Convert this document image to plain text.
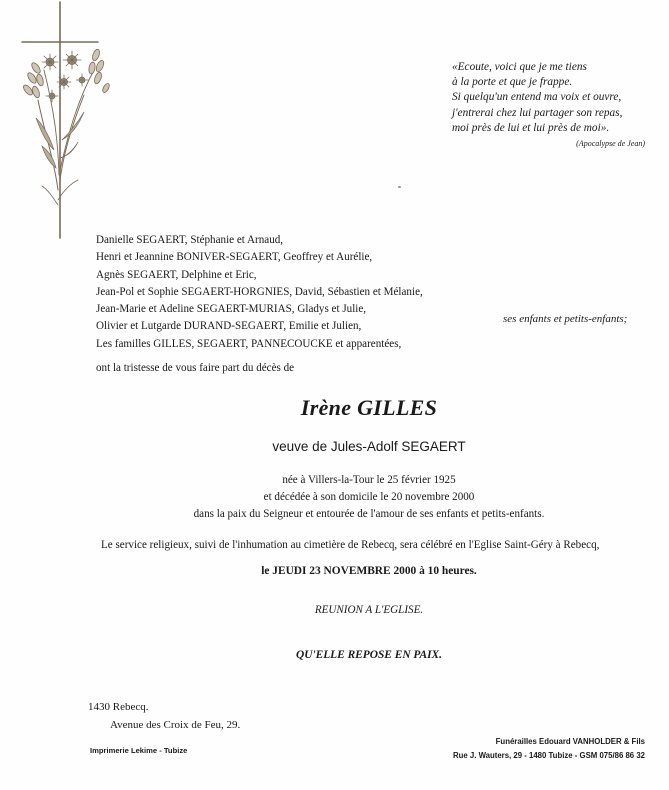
«Ecoute, voici que je me tiens
à la porte et que je frappe.
Si quelqu'un entend ma voix et ouvre,
j'entrerai chez lui partager son repas,
moi près de lui et lui près de moi».
(Apocalypse de Jean)
Danielle SEGAERT, Stéphanie et Arnaud,
Henri et Jeannine BONIVER-SEGAERT, Geoffrey et Aurélie,
Agnès SEGAERT, Delphine et Eric,
Jean-Pol et Sophie SEGAERT-HORGNIES, David, Sébastien et Mélanie,
Jean-Marie et Adeline SEGAERT-MURIAS, Gladys et Julie,
Olivier et Lutgarde DURAND-SEGAERT, Emilie et Julien,
Les familles GILLES, SEGAERT, PANNECOUCKE et apparentées,
ses enfants et petits-enfants;
ont la tristesse de vous faire part du décès de
Irène GILLES
veuve de Jules-Adolf SEGAERT
née à Villers-la-Tour le 25 février 1925
et décédée à son domicile le 20 novembre 2000
dans la paix du Seigneur et entourée de l'amour de ses enfants et petits-enfants.
Le service religieux, suivi de l'inhumation au cimetière de Rebecq, sera célébré en l'Eglise Saint-Géry à Rebecq,
le JEUDI 23 NOVEMBRE 2000 à 10 heures.
REUNION A L'EGLISE.
QU'ELLE REPOSE EN PAIX.
1430 Rebecq.
Avenue des Croix de Feu, 29.
Imprimerie Lekime - Tubize
Funérailles Edouard VANHOLDER & Fils
Rue J. Wauters, 29 - 1480 Tubize - GSM 075/86 86 32
